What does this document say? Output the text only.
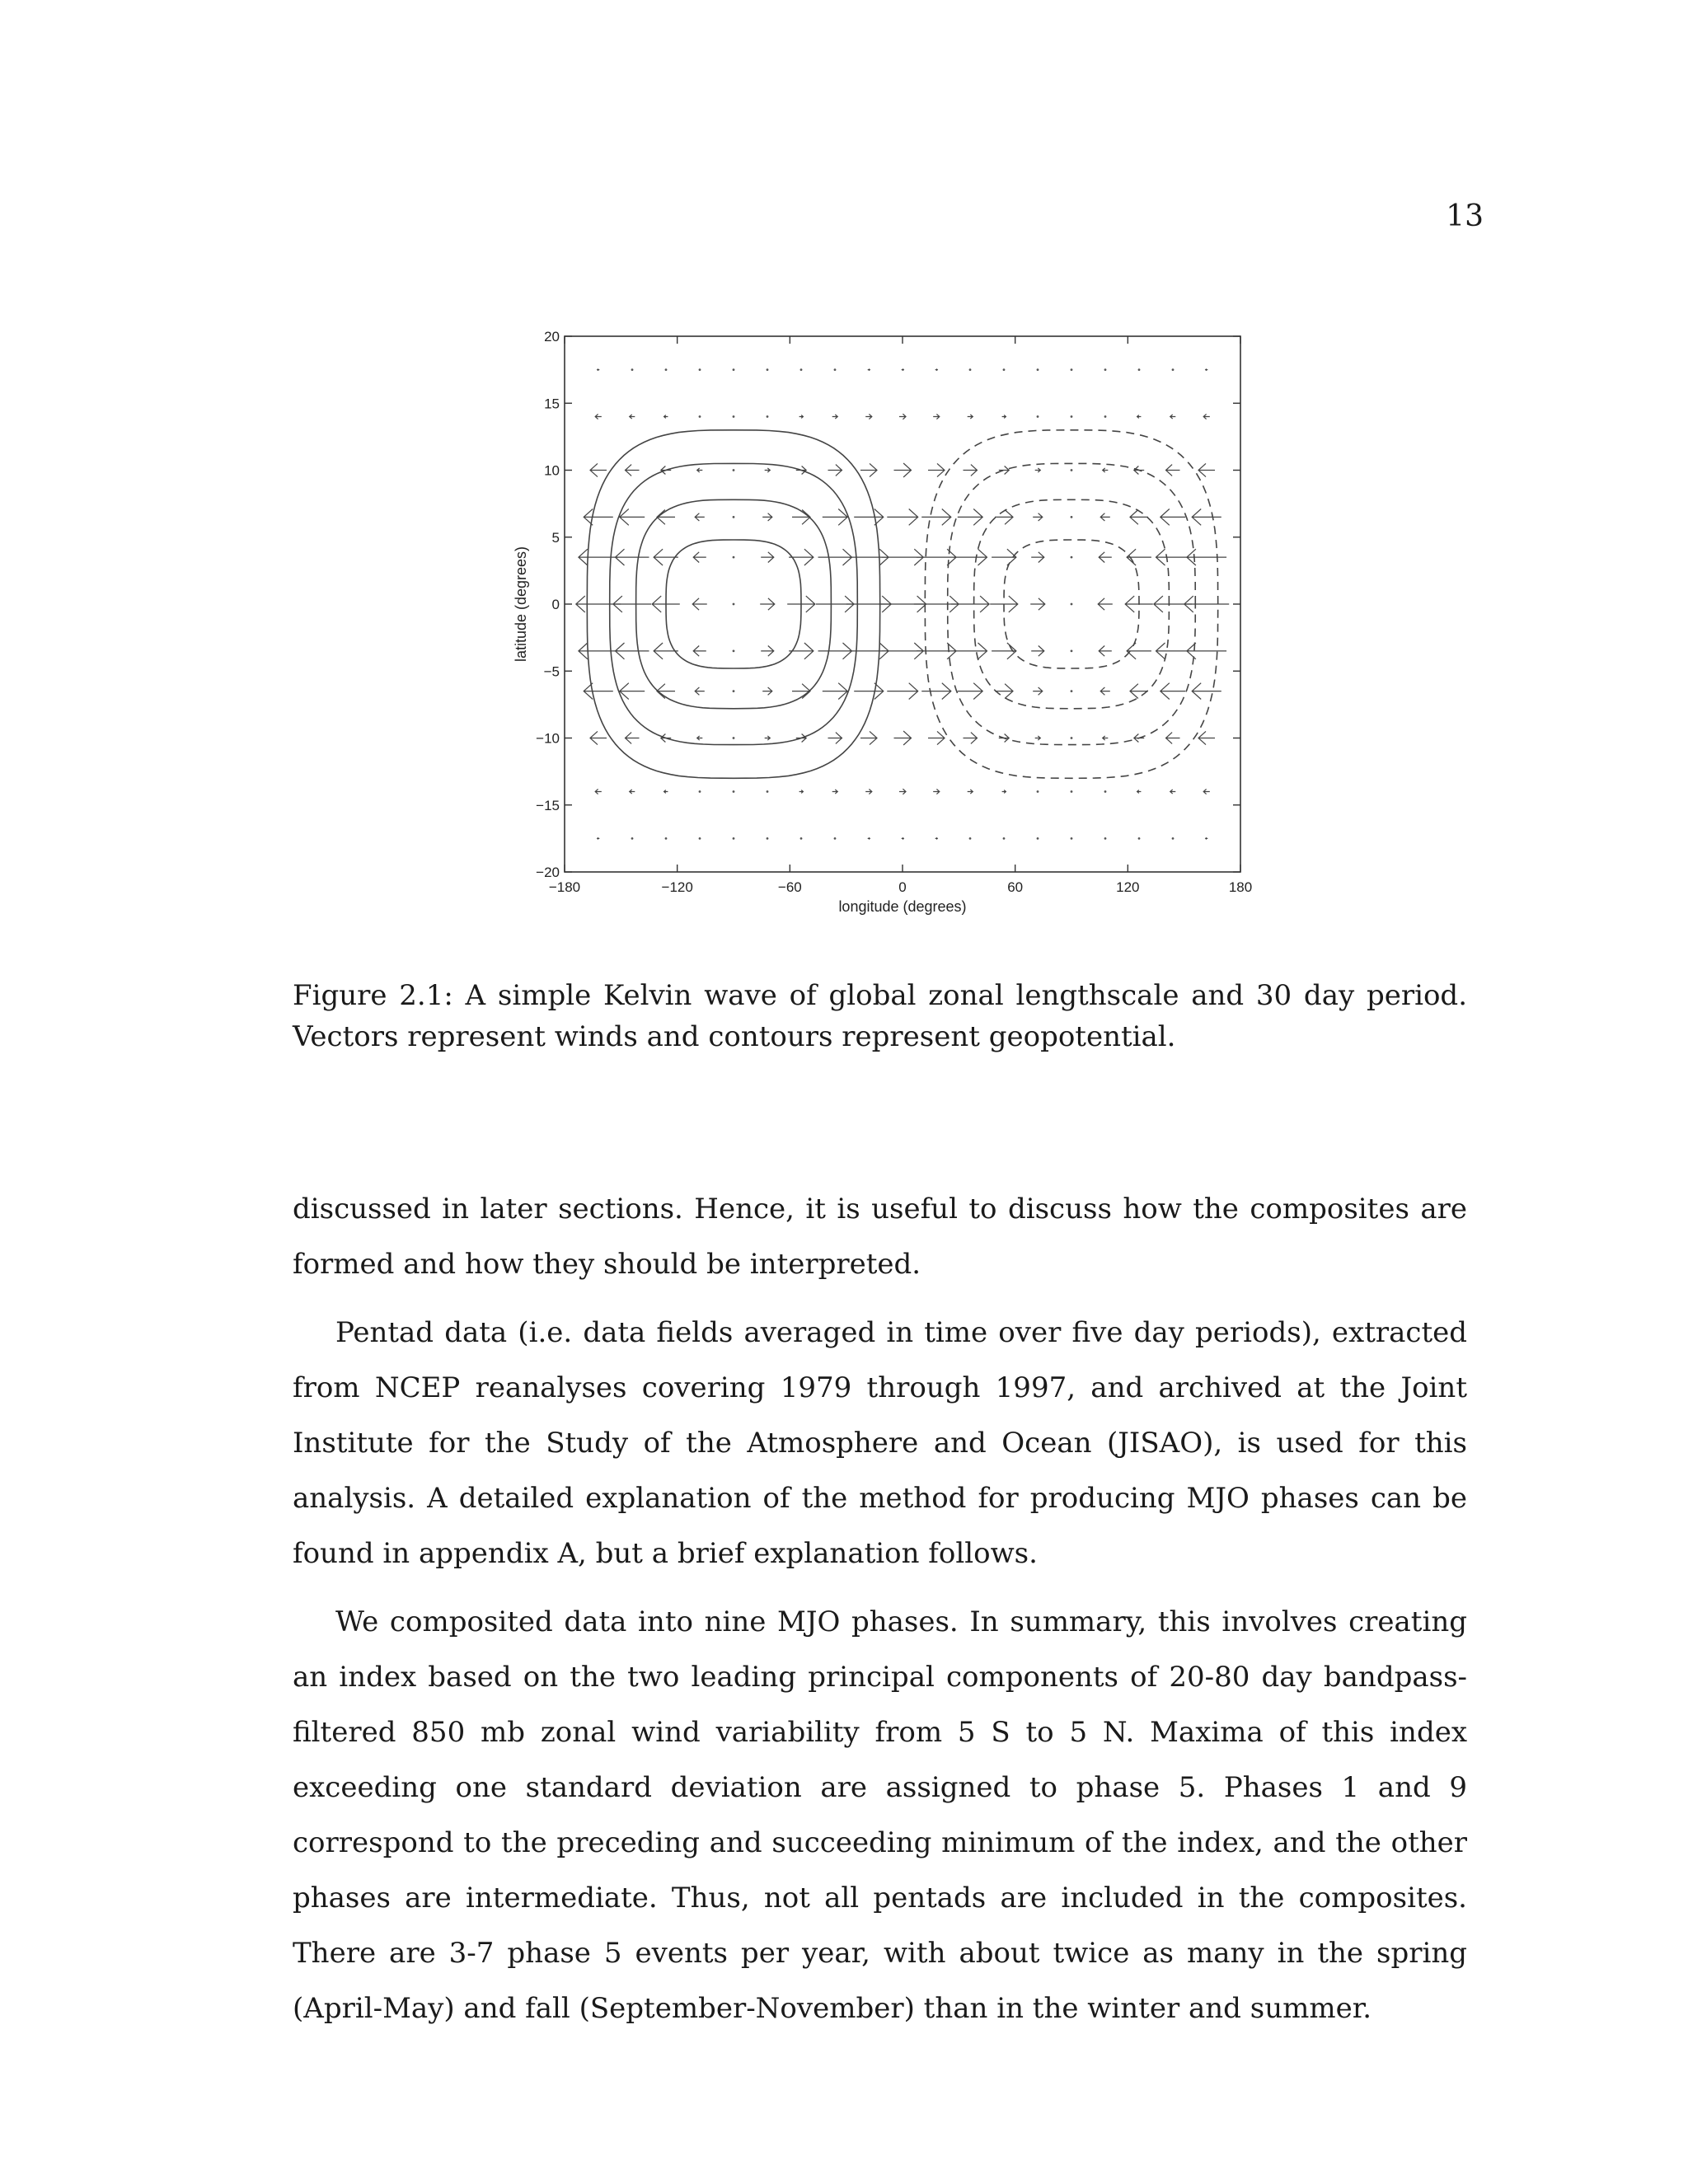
13
−180	−120	−60	0	60	120	180
−20
−15
−10
−5
0
5
10
15
20
longitude (degrees)
latitude (degrees)
Figure 2.1: A simple Kelvin wave of global zonal lengthscale and 30 day period. Vectors represent winds and contours represent geopotential.

discussed in later sections. Hence, it is useful to discuss how the composites are formed and how they should be interpreted.

Pentad data (i.e. data fields averaged in time over five day periods), extracted from NCEP reanalyses covering 1979 through 1997, and archived at the Joint Institute for the Study of the Atmosphere and Ocean (JISAO), is used for this analysis. A detailed explanation of the method for producing MJO phases can be found in appendix A, but a brief explanation follows.

We composited data into nine MJO phases. In summary, this involves creating an index based on the two leading principal components of 20-80 day bandpass-filtered 850 mb zonal wind variability from 5 S to 5 N. Maxima of this index exceeding one standard deviation are assigned to phase 5. Phases 1 and 9 correspond to the preceding and succeeding minimum of the index, and the other phases are intermediate. Thus, not all pentads are included in the composites. There are 3-7 phase 5 events per year, with about twice as many in the spring (April-May) and fall (September-November) than in the winter and summer.
